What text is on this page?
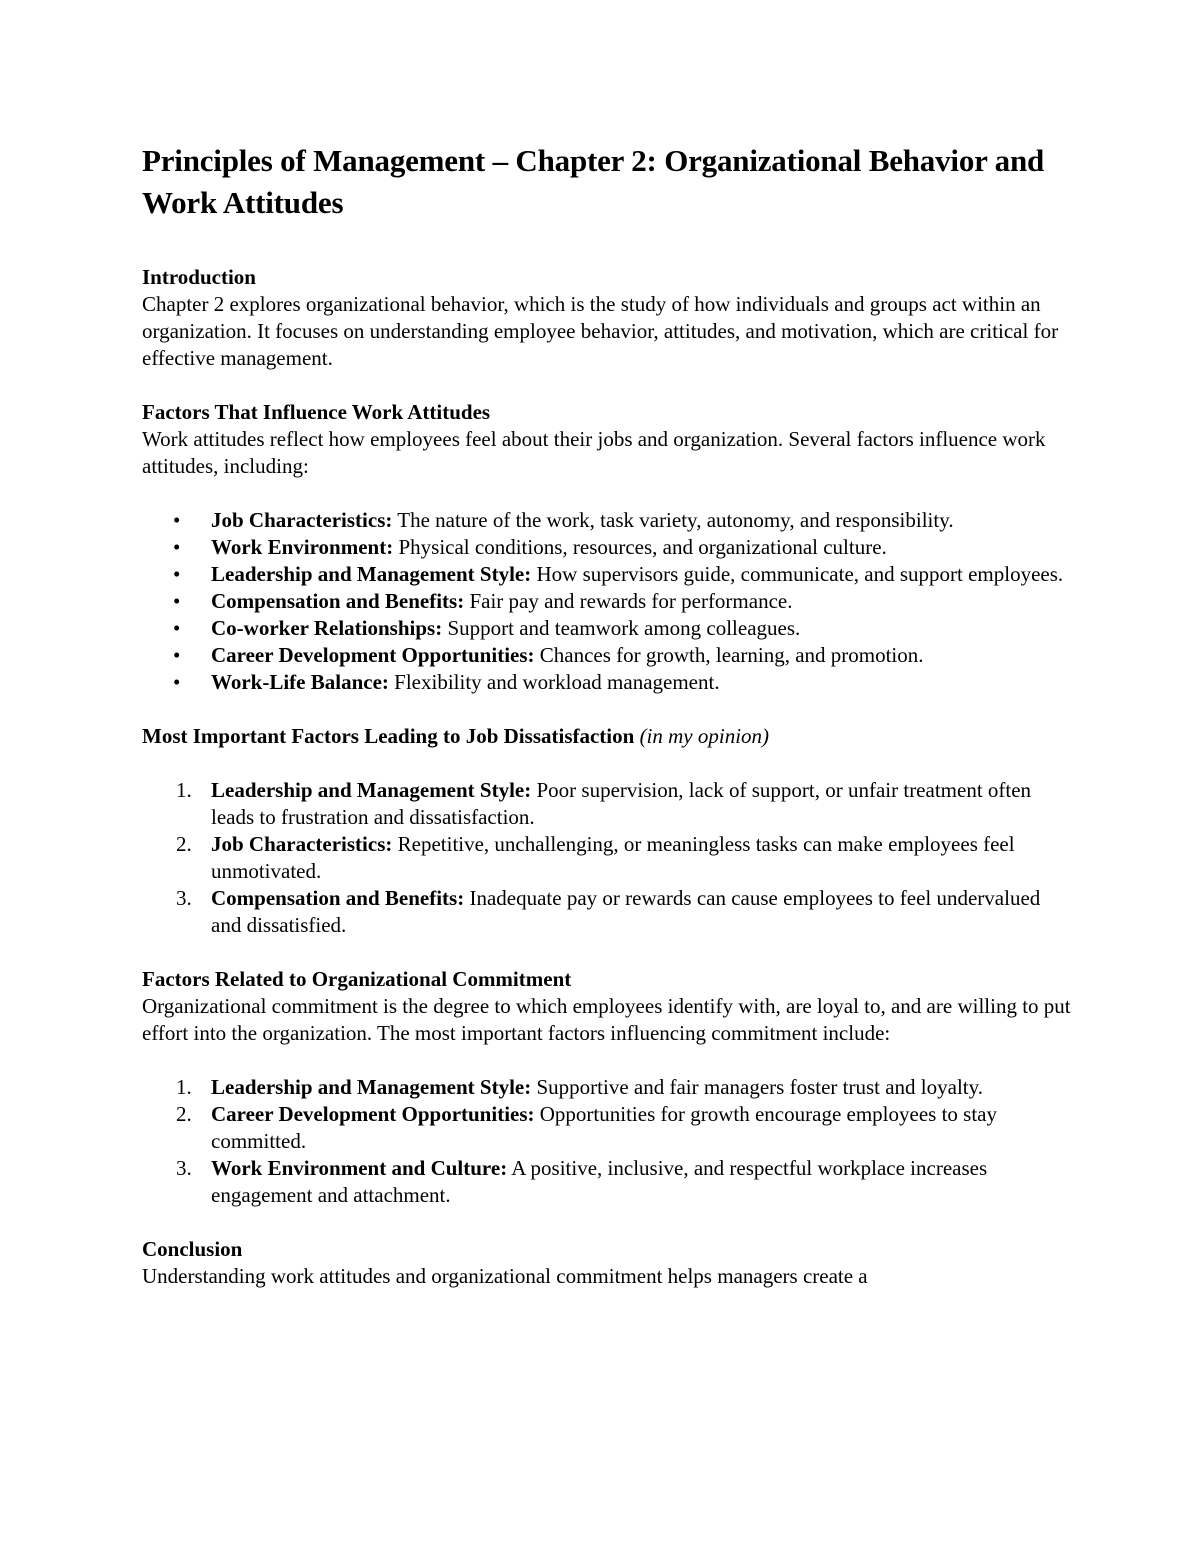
Principles of Management – Chapter 2: Organizational Behavior and Work Attitudes

Introduction

Chapter 2 explores organizational behavior, which is the study of how individuals and groups act within an organization. It focuses on understanding employee behavior, attitudes, and motivation, which are critical for effective management.

Factors That Influence Work Attitudes

Work attitudes reflect how employees feel about their jobs and organization. Several factors influence work attitudes, including:

• Job Characteristics: The nature of the work, task variety, autonomy, and responsibility.
• Work Environment: Physical conditions, resources, and organizational culture.
• Leadership and Management Style: How supervisors guide, communicate, and support employees.
• Compensation and Benefits: Fair pay and rewards for performance.
• Co-worker Relationships: Support and teamwork among colleagues.
• Career Development Opportunities: Chances for growth, learning, and promotion.
• Work-Life Balance: Flexibility and workload management.

Most Important Factors Leading to Job Dissatisfaction (in my opinion)

1. Leadership and Management Style: Poor supervision, lack of support, or unfair treatment often leads to frustration and dissatisfaction.
2. Job Characteristics: Repetitive, unchallenging, or meaningless tasks can make employees feel unmotivated.
3. Compensation and Benefits: Inadequate pay or rewards can cause employees to feel undervalued and dissatisfied.

Factors Related to Organizational Commitment

Organizational commitment is the degree to which employees identify with, are loyal to, and are willing to put effort into the organization. The most important factors influencing commitment include:

1. Leadership and Management Style: Supportive and fair managers foster trust and loyalty.
2. Career Development Opportunities: Opportunities for growth encourage employees to stay committed.
3. Work Environment and Culture: A positive, inclusive, and respectful workplace increases engagement and attachment.

Conclusion

Understanding work attitudes and organizational commitment helps managers create a
